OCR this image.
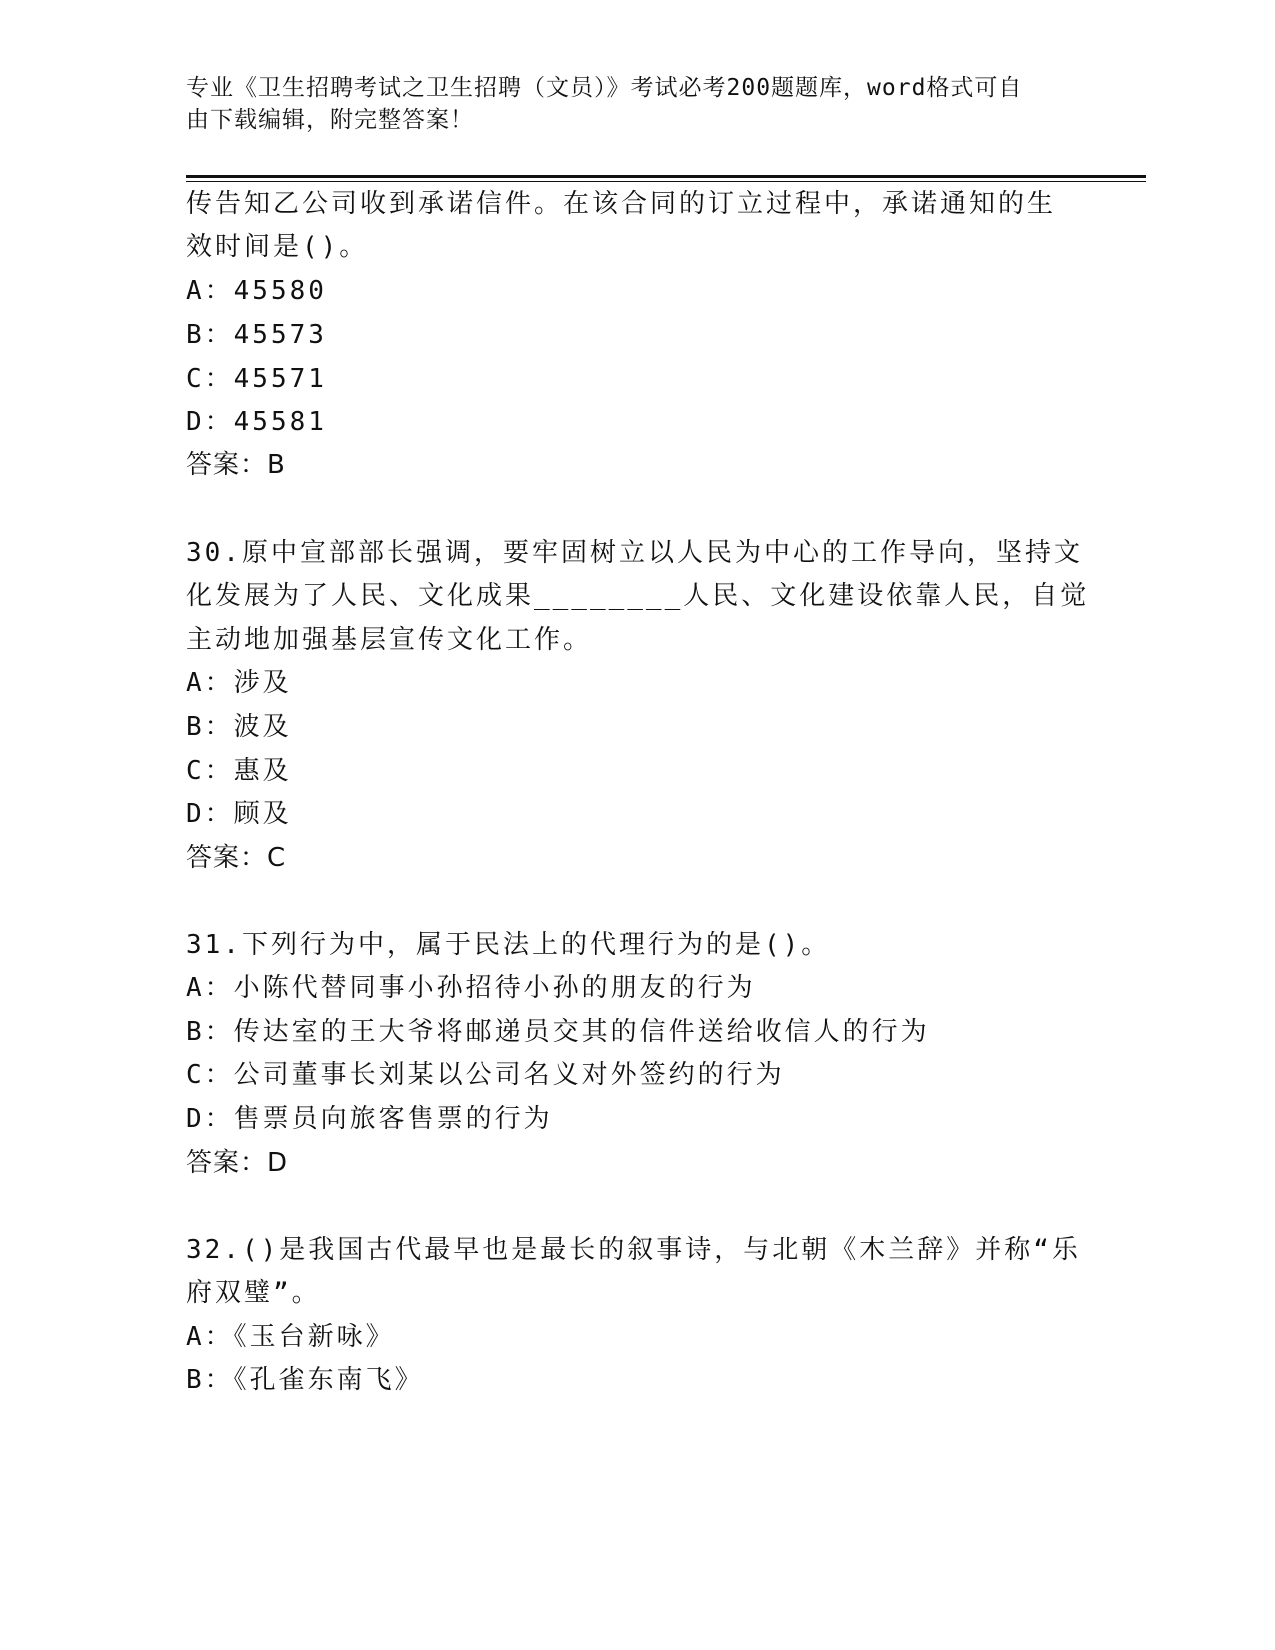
专业《卫生招聘考试之卫生招聘（文员）》考试必考200题题库，word格式可自
由下载编辑，附完整答案！
传告知乙公司收到承诺信件。在该合同的订立过程中，承诺通知的生
效时间是()。
A：45580
B：45573
C：45571
D：45581
答案：B
30.原中宣部部长强调，要牢固树立以人民为中心的工作导向，坚持文
化发展为了人民、文化成果________人民、文化建设依靠人民，自觉
主动地加强基层宣传文化工作。
A：涉及
B：波及
C：惠及
D：顾及
答案：C
31.下列行为中，属于民法上的代理行为的是()。
A：小陈代替同事小孙招待小孙的朋友的行为
B：传达室的王大爷将邮递员交其的信件送给收信人的行为
C：公司董事长刘某以公司名义对外签约的行为
D：售票员向旅客售票的行为
答案：D
32.()是我国古代最早也是最长的叙事诗，与北朝《木兰辞》并称“乐
府双璧”。
A：《玉台新咏》
B：《孔雀东南飞》
